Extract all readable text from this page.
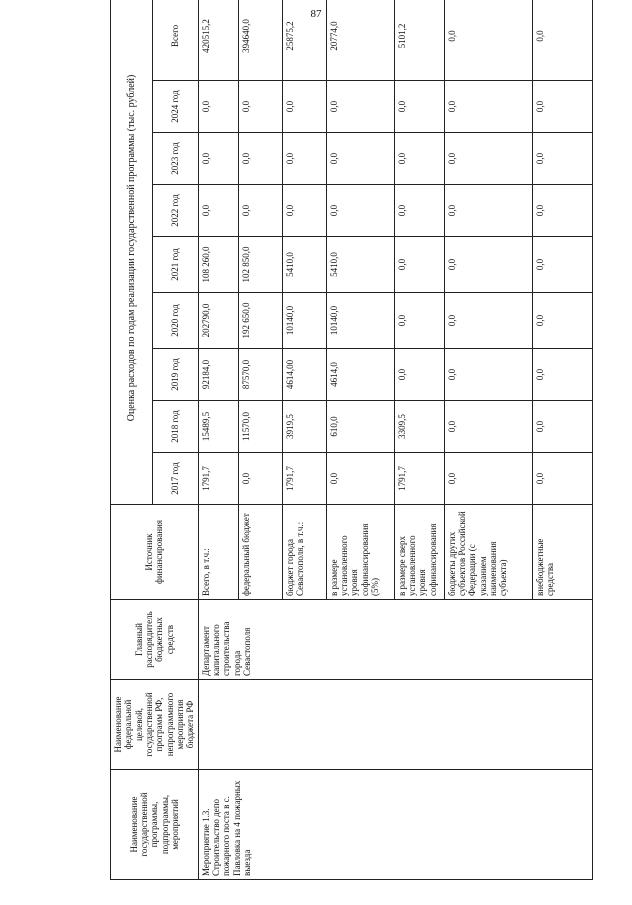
87
Наименование государственной программы, подпрограммы, мероприятий	Наименование федеральной целевой, государственной программ РФ, непрограммного мероприятия бюджета РФ	Главный распорядитель бюджетных средств	Источник финансирования	Оценка расходов по годам реализации государственной программы (тыс. рублей)								
				2017 год	2018 год	2019 год	2020 год	2021 год	2022 год	2023 год	2024 год	Всего
Мероприятие 1.3. Строительство депо пожарного поста в с. Павловка на 4 пожарных выезда		Департамент капитального строительства города Севастополя	Всего, в т.ч.:	1791,7	15489,5	92184,0	202790,0	108 260,0	0,0	0,0	0,0	420515,2
			федеральный бюджет	0,0	11570,0	87570,0	192 650,0	102 850,0	0,0	0,0	0,0	394640,0
			бюджет города Севастополя, в т.ч.:	1791,7	3919,5	4614,00	10140,0	5410,0	0,0	0,0	0,0	25875,2
			в размере установленного уровня софинансирования (5%)	0,0	610,0	4614,0	10140,0	5410,0	0,0	0,0	0,0	20774,0
			в размере сверх установленного уровня софинансирования	1791,7	3309,5	0,0	0,0	0,0	0,0	0,0	0,0	5101,2
			бюджеты других субъектов Российской Федерации (с указанием наименования субъекта)	0,0	0,0	0,0	0,0	0,0	0,0	0,0	0,0	0,0
			внебюджетные средства	0,0	0,0	0,0	0,0	0,0	0,0	0,0	0,0	0,0
